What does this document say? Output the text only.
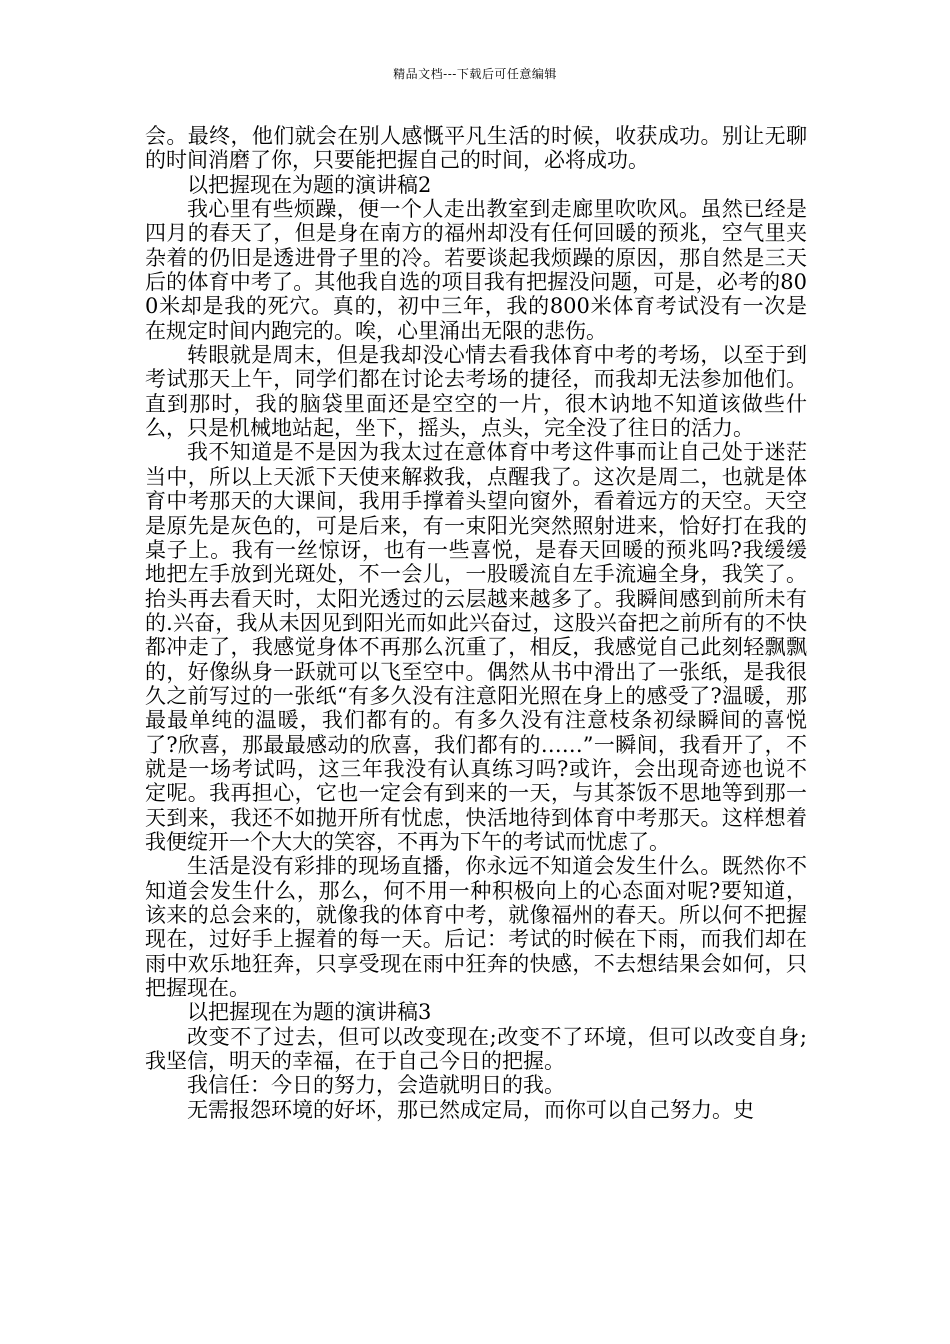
精品文档---下载后可任意编辑

会。最终，他们就会在别人感慨平凡生活的时候，收获成功。别让无聊的时间消磨了你，只要能把握自己的时间，必将成功。

以把握现在为题的演讲稿2

我心里有些烦躁，便一个人走出教室到走廊里吹吹风。虽然已经是四月的春天了，但是身在南方的福州却没有任何回暖的预兆，空气里夹杂着的仍旧是透进骨子里的冷。若要谈起我烦躁的原因，那自然是三天后的体育中考了。其他我自选的项目我有把握没问题，可是，必考的800米却是我的死穴。真的，初中三年，我的800米体育考试没有一次是在规定时间内跑完的。唉，心里涌出无限的悲伤。

转眼就是周末，但是我却没心情去看我体育中考的考场，以至于到考试那天上午，同学们都在讨论去考场的捷径，而我却无法参加他们。直到那时，我的脑袋里面还是空空的一片，很木讷地不知道该做些什么，只是机械地站起，坐下，摇头，点头，完全没了往日的活力。

我不知道是不是因为我太过在意体育中考这件事而让自己处于迷茫当中，所以上天派下天使来解救我，点醒我了。这次是周二，也就是体育中考那天的大课间，我用手撑着头望向窗外，看着远方的天空。天空是原先是灰色的，可是后来，有一束阳光突然照射进来，恰好打在我的桌子上。我有一丝惊讶，也有一些喜悦，是春天回暖的预兆吗?我缓缓地把左手放到光斑处，不一会儿，一股暖流自左手流遍全身，我笑了。抬头再去看天时，太阳光透过的云层越来越多了。我瞬间感到前所未有的.兴奋，我从未因见到阳光而如此兴奋过，这股兴奋把之前所有的不快都冲走了，我感觉身体不再那么沉重了，相反，我感觉自己此刻轻飘飘的，好像纵身一跃就可以飞至空中。偶然从书中滑出了一张纸，是我很久之前写过的一张纸“有多久没有注意阳光照在身上的感受了?温暖，那最最单纯的温暖，我们都有的。有多久没有注意枝条初绿瞬间的喜悦了?欣喜，那最最感动的欣喜，我们都有的……”一瞬间，我看开了，不就是一场考试吗，这三年我没有认真练习吗?或许，会出现奇迹也说不定呢。我再担心，它也一定会有到来的一天，与其茶饭不思地等到那一天到来，我还不如抛开所有忧虑，快活地待到体育中考那天。这样想着我便绽开一个大大的笑容，不再为下午的考试而忧虑了。

生活是没有彩排的现场直播，你永远不知道会发生什么。既然你不知道会发生什么，那么，何不用一种积极向上的心态面对呢?要知道，该来的总会来的，就像我的体育中考，就像福州的春天。所以何不把握现在，过好手上握着的每一天。后记：考试的时候在下雨，而我们却在雨中欢乐地狂奔，只享受现在雨中狂奔的快感，不去想结果会如何，只把握现在。

以把握现在为题的演讲稿3

改变不了过去，但可以改变现在;改变不了环境，但可以改变自身;我坚信，明天的幸福，在于自己今日的把握。

我信任：今日的努力，会造就明日的我。

无需报怨环境的好坏，那已然成定局，而你可以自己努力。史
